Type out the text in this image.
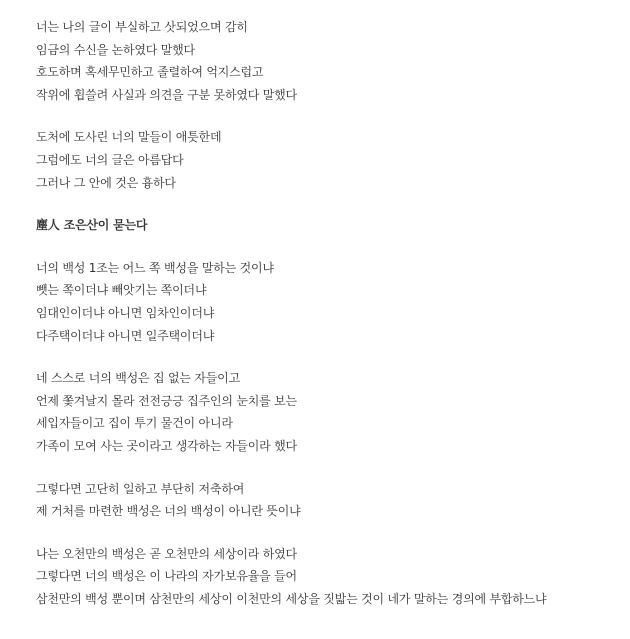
너는 나의 글이 부실하고 삿되었으며 감히
임금의 수신을 논하였다 말했다
호도하며 혹세무민하고 졸렬하여 억지스럽고
작위에 휩쓸려 사실과 의견을 구분 못하였다 말했다
도처에 도사린 너의 말들이 애틋한데
그럼에도 너의 글은 아름답다
그러나 그 안에 것은 흉하다
塵人 조은산이 묻는다
너의 백성 1조는 어느 쪽 백성을 말하는 것이냐
뺏는 쪽이더냐 빼앗기는 쪽이더냐
임대인이더냐 아니면 임차인이더냐
다주택이더냐 아니면 일주택이더냐
네 스스로 너의 백성은 집 없는 자들이고
언제 쫓겨날지 몰라 전전긍긍 집주인의 눈치를 보는
세입자들이고 집이 투기 물건이 아니라
가족이 모여 사는 곳이라고 생각하는 자들이라 했다
그렇다면 고단히 일하고 부단히 저축하여
제 거처를 마련한 백성은 너의 백성이 아니란 뜻이냐
나는 오천만의 백성은 곧 오천만의 세상이라 하였다
그렇다면 너의 백성은 이 나라의 자가보유율을 들어
삼천만의 백성 뿐이며 삼천만의 세상이 이천만의 세상을 짓밟는 것이 네가 말하는 경의에 부합하느냐
